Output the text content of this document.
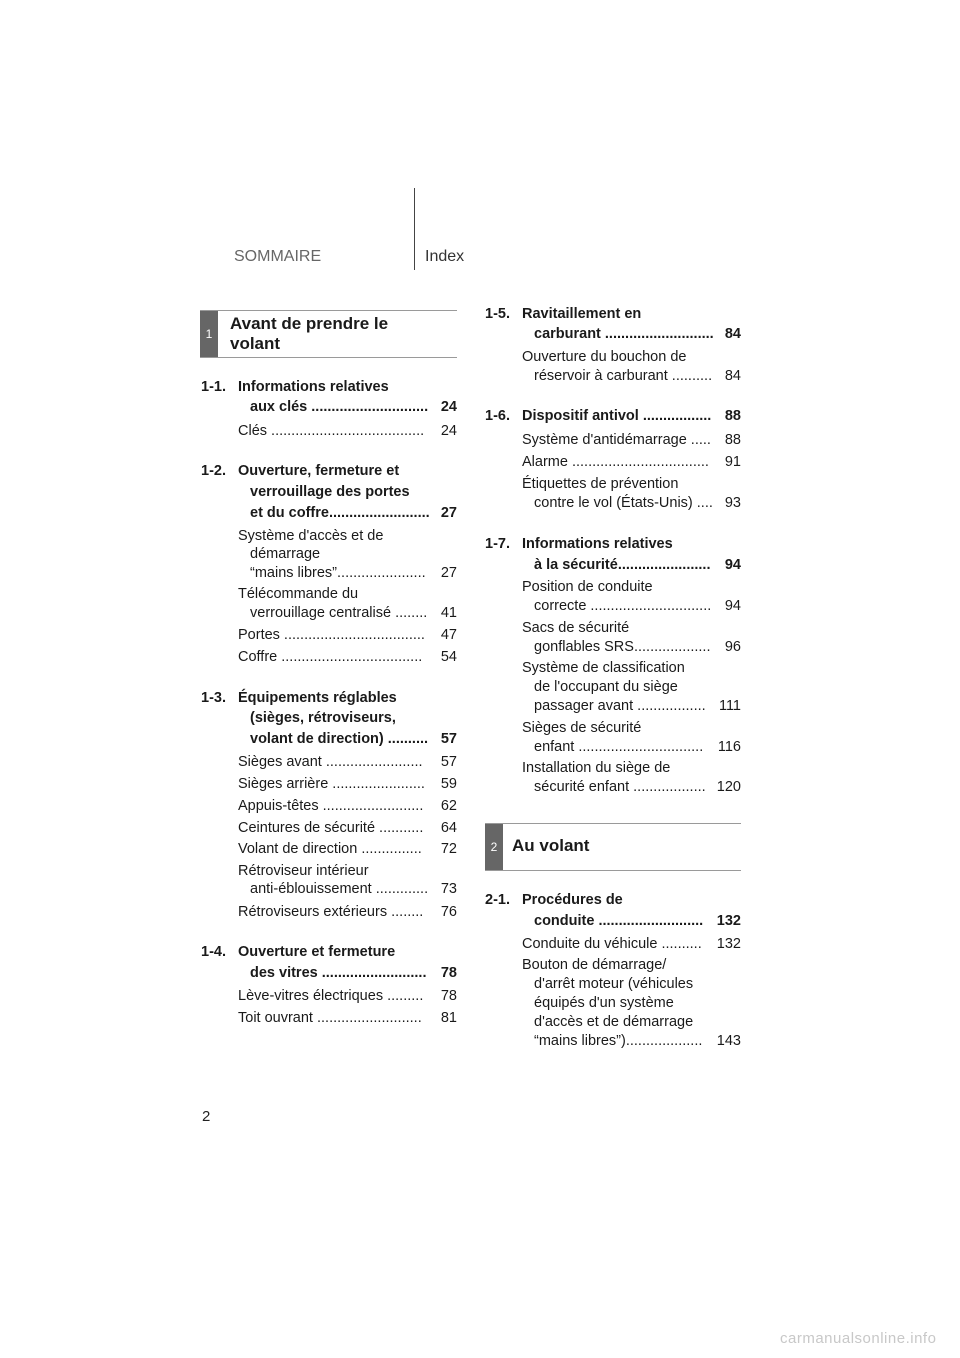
SOMMAIRE	Index
1
Avant de prendre le
volant
1-1. Informations relatives
aux clés ............................. 24
Clés ......................................	24
1-2. Ouverture, fermeture et
verrouillage des portes
et du coffre......................... 27
Système d'accès et de
démarrage
“mains libres”......................	27
Télécommande du
verrouillage centralisé ........ 41
Portes ...................................	47
Coffre ...................................	54
1-3. Équipements réglables
(sièges, rétroviseurs,
volant de direction) .......... 57
Sièges avant ........................	57
Sièges arrière .......................	59
Appuis-têtes .........................	62
Ceintures de sécurité ...........	64
Volant de direction ...............	72
Rétroviseur intérieur
anti-éblouissement ............. 73
Rétroviseurs extérieurs ........	76
1-4. Ouverture et fermeture
des vitres .......................... 78
Lève-vitres électriques .........	78
Toit ouvrant ..........................	81
1-5. Ravitaillement en
carburant ........................... 84
Ouverture du bouchon de
réservoir à carburant .......... 84
1-6. Dispositif antivol ................. 88
Système d'antidémarrage ..... 88
Alarme ..................................	91
Étiquettes de prévention
contre le vol (États-Unis) .... 93
1-7. Informations relatives
à la sécurité....................... 94
Position de conduite
correcte .............................. 94
Sacs de sécurité
gonflables SRS................... 96
Système de classification
de l'occupant du siège
passager avant ................. 111
Sièges de sécurité
enfant ...............................	116
Installation du siège de
sécurité enfant .................. 120
2 Au volant
2-1. Procédures de
conduite .......................... 132
Conduite du véhicule ..........	132
Bouton de démarrage/
d'arrêt moteur (véhicules
équipés d'un système
d'accès et de démarrage
“mains libres”)................... 143
2
carmanualsonline.info
